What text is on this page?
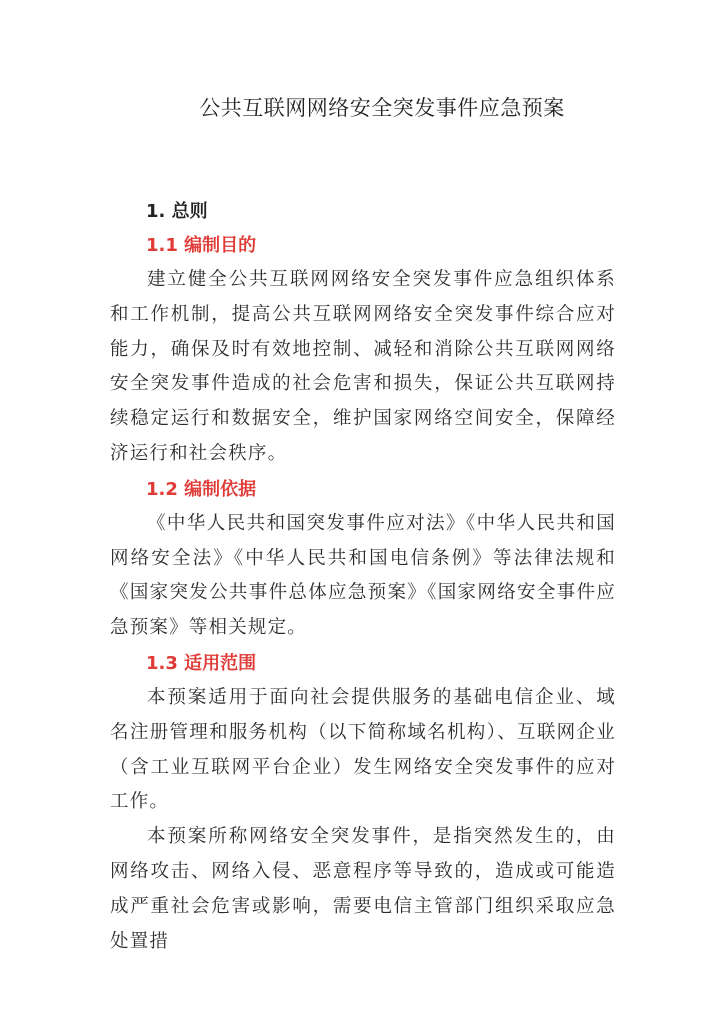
公共互联网网络安全突发事件应急预案
1. 总则
1.1 编制目的

建立健全公共互联网网络安全突发事件应急组织体系和工作机制，提高公共互联网网络安全突发事件综合应对能力，确保及时有效地控制、减轻和消除公共互联网网络安全突发事件造成的社会危害和损失，保证公共互联网持续稳定运行和数据安全，维护国家网络空间安全，保障经济运行和社会秩序。

1.2 编制依据

《中华人民共和国突发事件应对法》《中华人民共和国网络安全法》《中华人民共和国电信条例》等法律法规和《国家突发公共事件总体应急预案》《国家网络安全事件应急预案》等相关规定。

1.3 适用范围

本预案适用于面向社会提供服务的基础电信企业、域名注册管理和服务机构（以下简称域名机构）、互联网企业（含工业互联网平台企业）发生网络安全突发事件的应对工作。

本预案所称网络安全突发事件，是指突然发生的，由网络攻击、网络入侵、恶意程序等导致的，造成或可能造成严重社会危害或影响，需要电信主管部门组织采取应急处置措
